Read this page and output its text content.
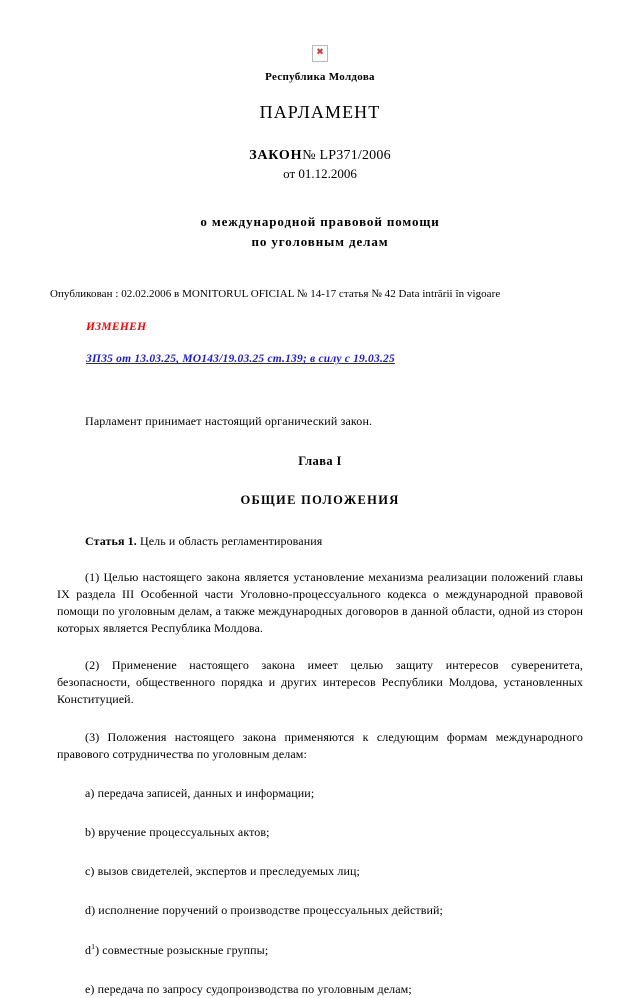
✖
Республика Молдова
ПАРЛАМЕНТ
ЗАКОН№ LP371/2006
от 01.12.2006
о международной правовой помощи
по уголовным делам
Опубликован : 02.02.2006 в MONITORUL OFICIAL № 14-17 статья № 42 Data intrării în vigoare
ИЗМЕНЕН
ЗП35 от 13.03.25, МО143/19.03.25 ст.139; в силу с 19.03.25
Парламент принимает настоящий органический закон.
Глава I
ОБЩИЕ ПОЛОЖЕНИЯ
Статья 1. Цель и область регламентирования

(1) Целью настоящего закона является установление механизма реализации положений главы IX раздела III Особенной части Уголовно-процессуального кодекса о международной правовой помощи по уголовным делам, а также международных договоров в данной области, одной из сторон которых является Республика Молдова.

(2) Применение настоящего закона имеет целью защиту интересов суверенитета, безопасности, общественного порядка и других интересов Республики Молдова, установленных Конституцией.

(3) Положения настоящего закона применяются к следующим формам международного правового сотрудничества по уголовным делам:

a) передача записей, данных и информации;

b) вручение процессуальных актов;

c) вызов свидетелей, экспертов и преследуемых лиц;

d) исполнение поручений о производстве процессуальных действий;

$d^1$) совместные розыскные группы;

e) передача по запросу судопроизводства по уголовным делам;
